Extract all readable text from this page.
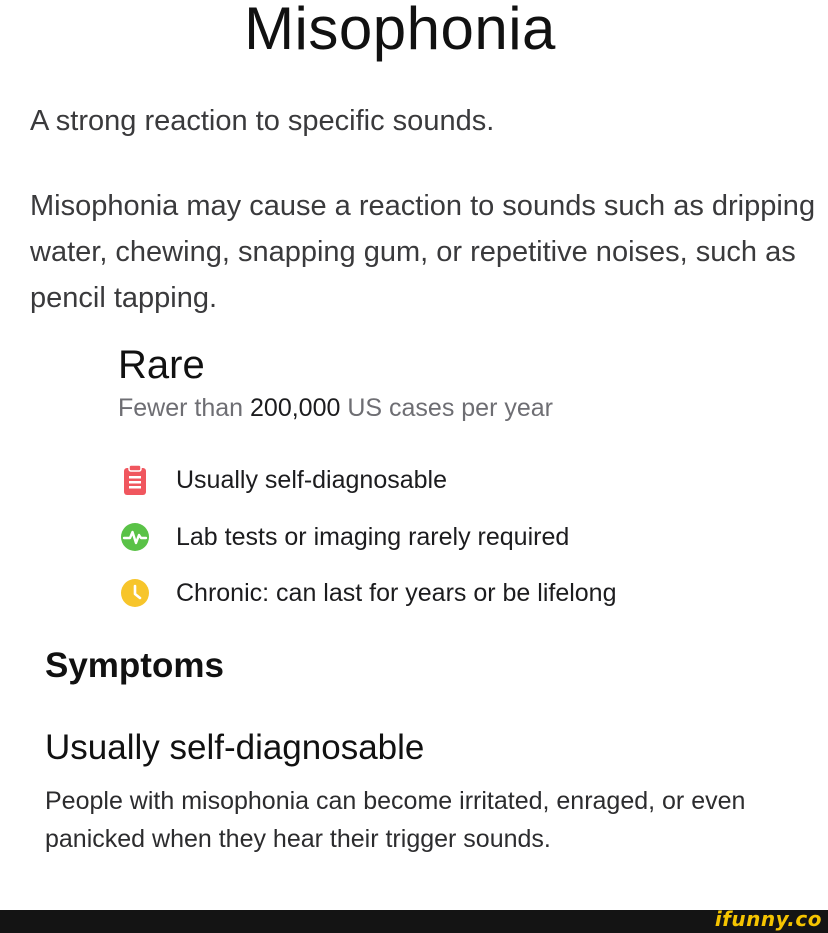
Misophonia
A strong reaction to specific sounds.
Misophonia may cause a reaction to sounds such as dripping water, chewing, snapping gum, or repetitive noises, such as pencil tapping.
Rare
Fewer than 200,000 US cases per year
Usually self-diagnosable
Lab tests or imaging rarely required
Chronic: can last for years or be lifelong
Symptoms
Usually self-diagnosable
People with misophonia can become irritated, enraged, or even panicked when they hear their trigger sounds.
ifunny.co
